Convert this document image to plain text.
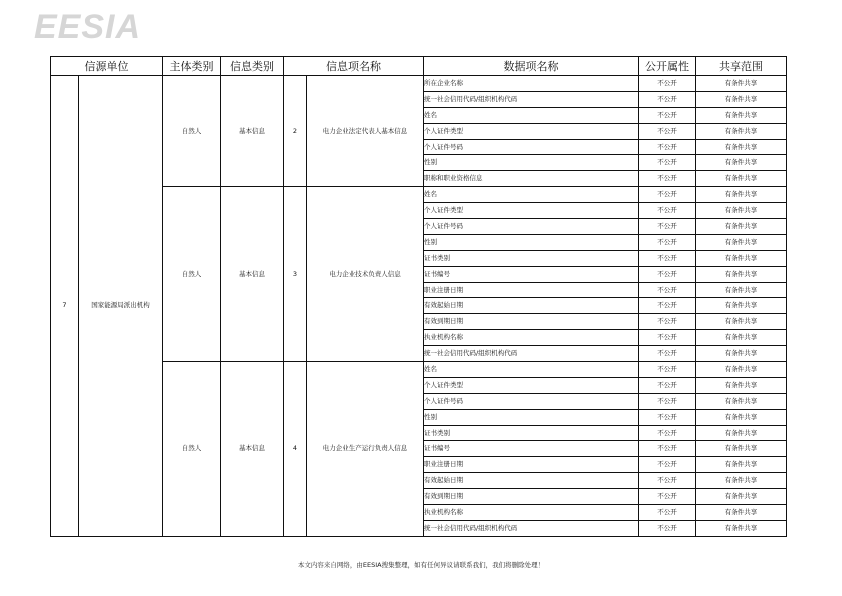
EESIA
信源单位		主体类别	信息类别	信息项名称		数据项名称	公开属性	共享范围
7	国家能源局派出机构	自然人	基本信息	2	电力企业法定代表人基本信息	所在企业名称	不公开	有条件共享
						统一社会信用代码/组织机构代码	不公开	有条件共享
						姓名	不公开	有条件共享
						个人证件类型	不公开	有条件共享
						个人证件号码	不公开	有条件共享
						性别	不公开	有条件共享
						职称和职业资格信息	不公开	有条件共享
		自然人	基本信息	3	电力企业技术负责人信息	姓名	不公开	有条件共享
						个人证件类型	不公开	有条件共享
						个人证件号码	不公开	有条件共享
						性别	不公开	有条件共享
						证书类别	不公开	有条件共享
						证书编号	不公开	有条件共享
						职业注册日期	不公开	有条件共享
						有效起始日期	不公开	有条件共享
						有效到期日期	不公开	有条件共享
						执业机构名称	不公开	有条件共享
						统一社会信用代码/组织机构代码	不公开	有条件共享
		自然人	基本信息	4	电力企业生产运行负责人信息	姓名	不公开	有条件共享
						个人证件类型	不公开	有条件共享
						个人证件号码	不公开	有条件共享
						性别	不公开	有条件共享
						证书类别	不公开	有条件共享
						证书编号	不公开	有条件共享
						职业注册日期	不公开	有条件共享
						有效起始日期	不公开	有条件共享
						有效到期日期	不公开	有条件共享
						执业机构名称	不公开	有条件共享
						统一社会信用代码/组织机构代码	不公开	有条件共享
本文内容来自网络，由EESIA搜集整理，如有任何异议请联系我们，我们将删除处理！
